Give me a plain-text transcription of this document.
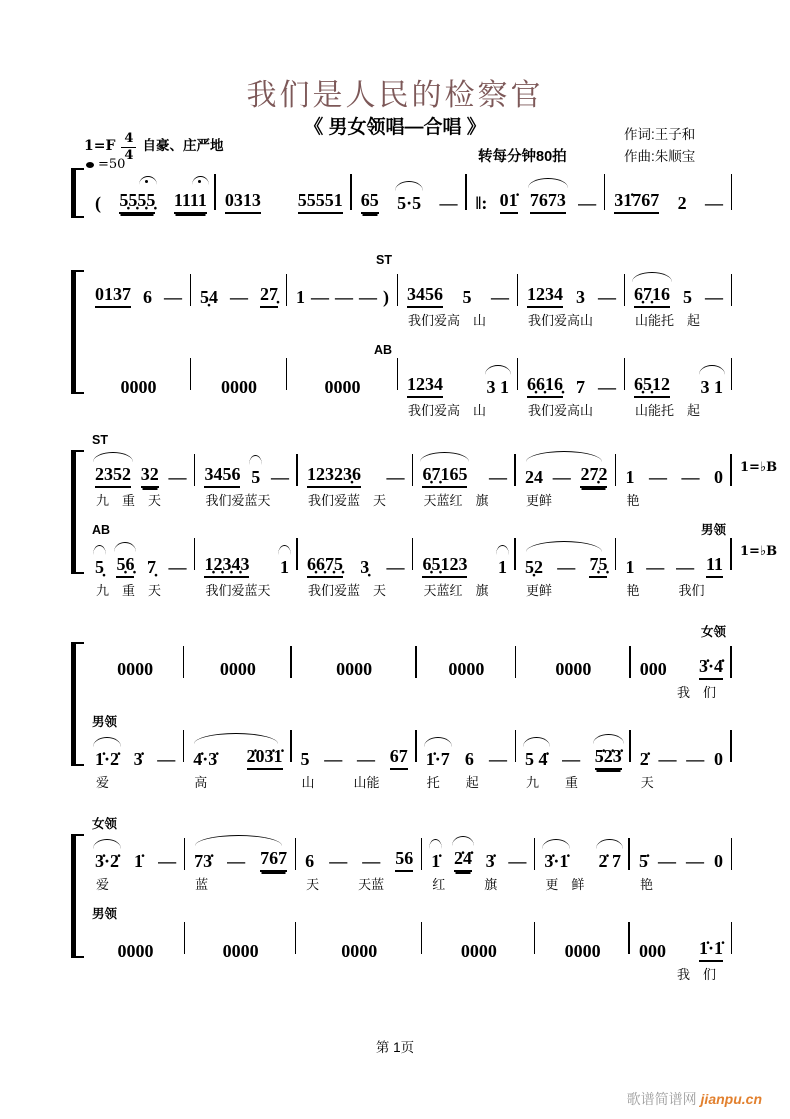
我们是人民的检察官
《 男女领唱—合唱 》
$1=F \frac{4}{4}$ 自豪、庄严地
=50	转每分钟80拍
作词:王子和
作曲:朱顺宝
( 5̣5̣5̣5̣ 1111 0313 55551 65 5·5 — ‖: 01̇ 7673 — 31̇767 2 —
0137 6 —
0000
5̣4 — 27̣
0000
ST
1 — — — )
AB
0000
3456 5 —
我们爱高　山
1234 3 1
我们爱高　山
1234 3 —
我们爱高山
6̣6̣16̣ 7 —
我们爱高山
6̣7̣16 5 —
山能托　起
6̣5̣12 3 1
山能托　起
ST
2352 32 —
九　重　天
AB
5̣ 5̣6̣ 7̣ —
九　重　天
3456 5 —
我们爱蓝天
1̣2̣3̣4̣3 1
我们爱蓝天
12323̣6 —
我们爱蓝　天
6̣6̣7̣5̣ 3̣ —
我们爱蓝　天
6̣7̣165 —
天蓝红　旗
6̣5̣123 1
天蓝红　旗
24 — 27̣2
更鲜
5̣2 — 7̣5̣
更鲜
1 — — 0
艳
男领
1 — — 11
艳　　　我们
1=♭B
1=♭B
0000
男领
1̇·2̇ 3̇ —
爱
0000
4̇·3̇ 2̇03̇1̇
高
0000
5 — — 67
山　　　山能
0000
1̇·7 6 —
托　　起
0000
5 4̇ — 5̇2̇3̇
九　　重
女领
000 3̇·4̇
我　们
2̇ — — 0
天
女领
3̇·2̇ 1̇ —
爱
男领
0000
73̇ — 767
蓝
0000
6 — — 56
天　　　天蓝
0000
1̇ 2̇4̇ 3̇ —
红　　　旗
0000
3̇·1̇ 2̇ 7
更　鲜
0000
5̇ — — 0
艳
000 1̇·1̇
我　们
第 1页
歌谱简谱网 jianpu.cn
